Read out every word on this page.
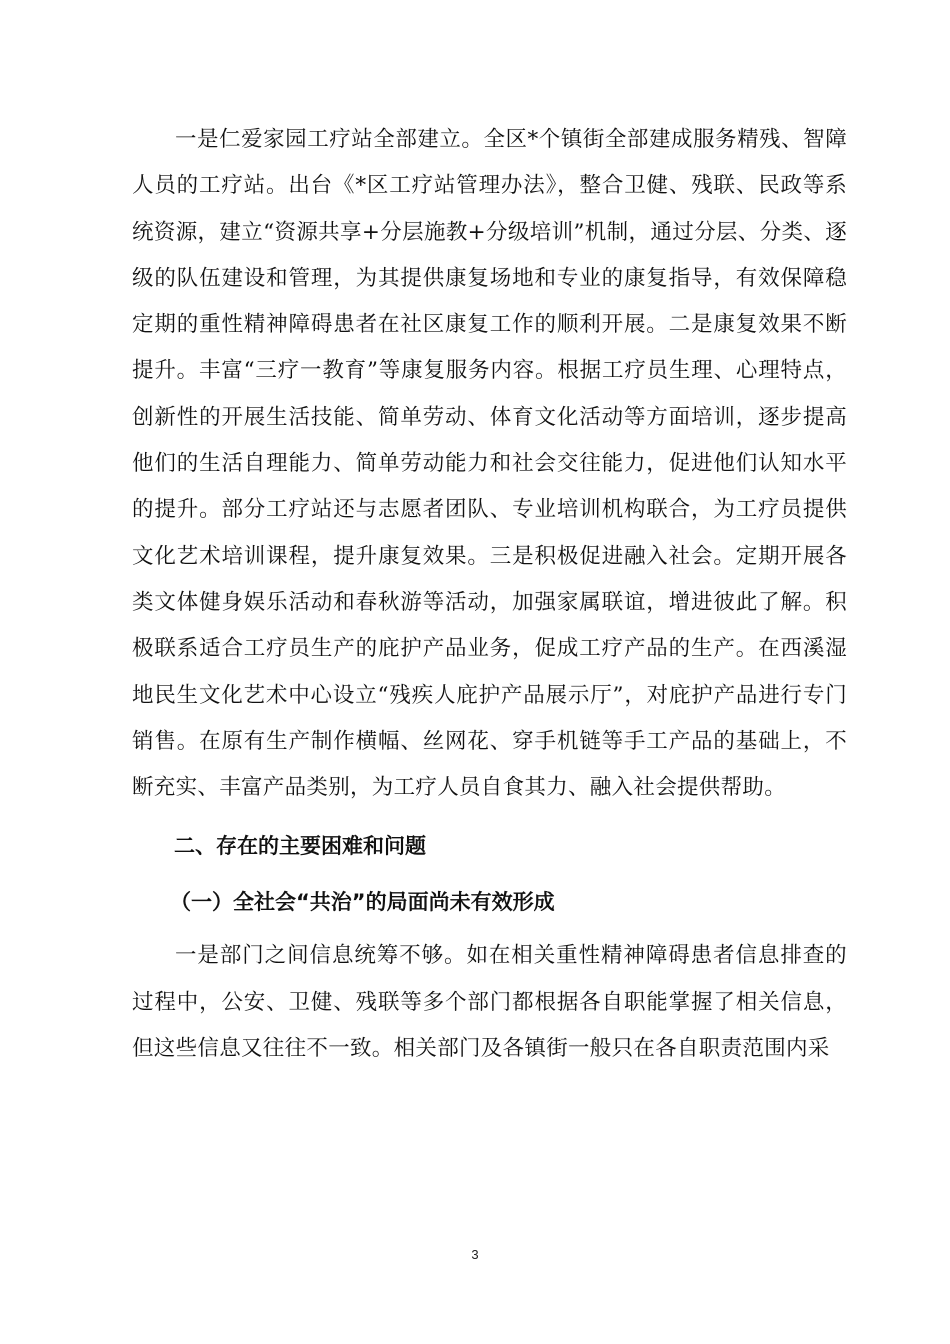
一是仁爱家园工疗站全部建立。全区*个镇街全部建成服务精残、智障人员的工疗站。出台《*区工疗站管理办法》，整合卫健、残联、民政等系统资源，建立“资源共享+分层施教+分级培训”机制，通过分层、分类、逐级的队伍建设和管理，为其提供康复场地和专业的康复指导，有效保障稳定期的重性精神障碍患者在社区康复工作的顺利开展。二是康复效果不断提升。丰富“三疗一教育”等康复服务内容。根据工疗员生理、心理特点，创新性的开展生活技能、简单劳动、体育文化活动等方面培训，逐步提高他们的生活自理能力、简单劳动能力和社会交往能力，促进他们认知水平的提升。部分工疗站还与志愿者团队、专业培训机构联合，为工疗员提供文化艺术培训课程，提升康复效果。三是积极促进融入社会。定期开展各类文体健身娱乐活动和春秋游等活动，加强家属联谊，增进彼此了解。积极联系适合工疗员生产的庇护产品业务，促成工疗产品的生产。在西溪湿地民生文化艺术中心设立“残疾人庇护产品展示厅”，对庇护产品进行专门销售。在原有生产制作横幅、丝网花、穿手机链等手工产品的基础上，不断充实、丰富产品类别，为工疗人员自食其力、融入社会提供帮助。

二、存在的主要困难和问题

（一）全社会“共治”的局面尚未有效形成

一是部门之间信息统筹不够。如在相关重性精神障碍患者信息排查的过程中，公安、卫健、残联等多个部门都根据各自职能掌握了相关信息，但这些信息又往往不一致。相关部门及各镇街一般只在各自职责范围内采

3
